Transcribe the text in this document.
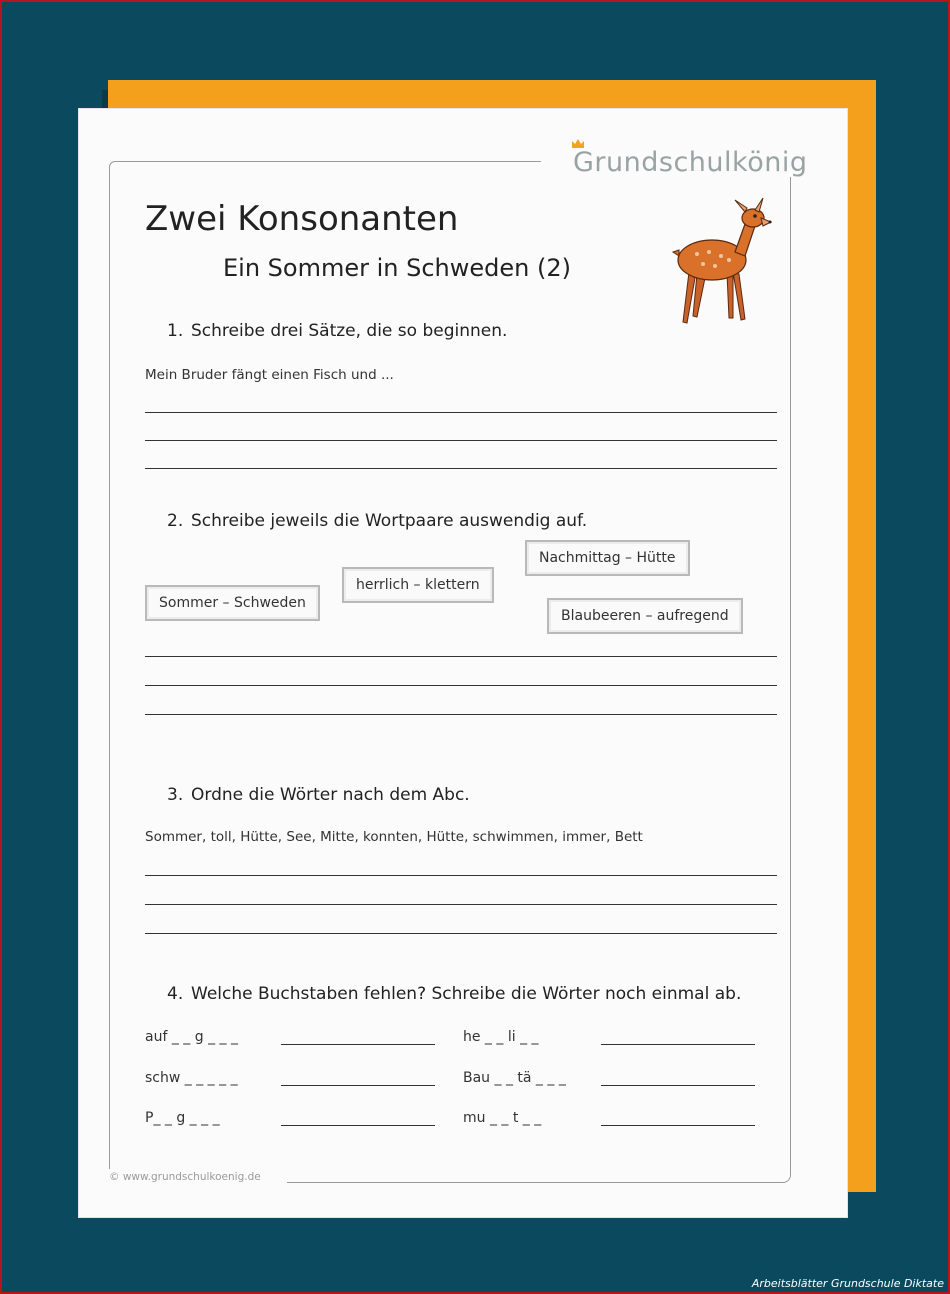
Grundschulkönig
Zwei Konsonanten
Ein Sommer in Schweden (2)
1. Schreibe drei Sätze, die so beginnen.
Mein Bruder fängt einen Fisch und ...
2. Schreibe jeweils die Wortpaare auswendig auf.
Sommer – Schweden
herrlich – klettern
Nachmittag – Hütte
Blaubeeren – aufregend
3. Ordne die Wörter nach dem Abc.
Sommer, toll, Hütte, See, Mitte, konnten, Hütte, schwimmen, immer, Bett
4. Welche Buchstaben fehlen? Schreibe die Wörter noch einmal ab.
auf _ _ g _ _ _	he _ _ li _ _
schw _ _ _ _ _	Bau _ _ tä _ _ _
P_ _ g _ _ _	mu _ _ t _ _
© www.grundschulkoenig.de
Arbeitsblätter Grundschule Diktate
